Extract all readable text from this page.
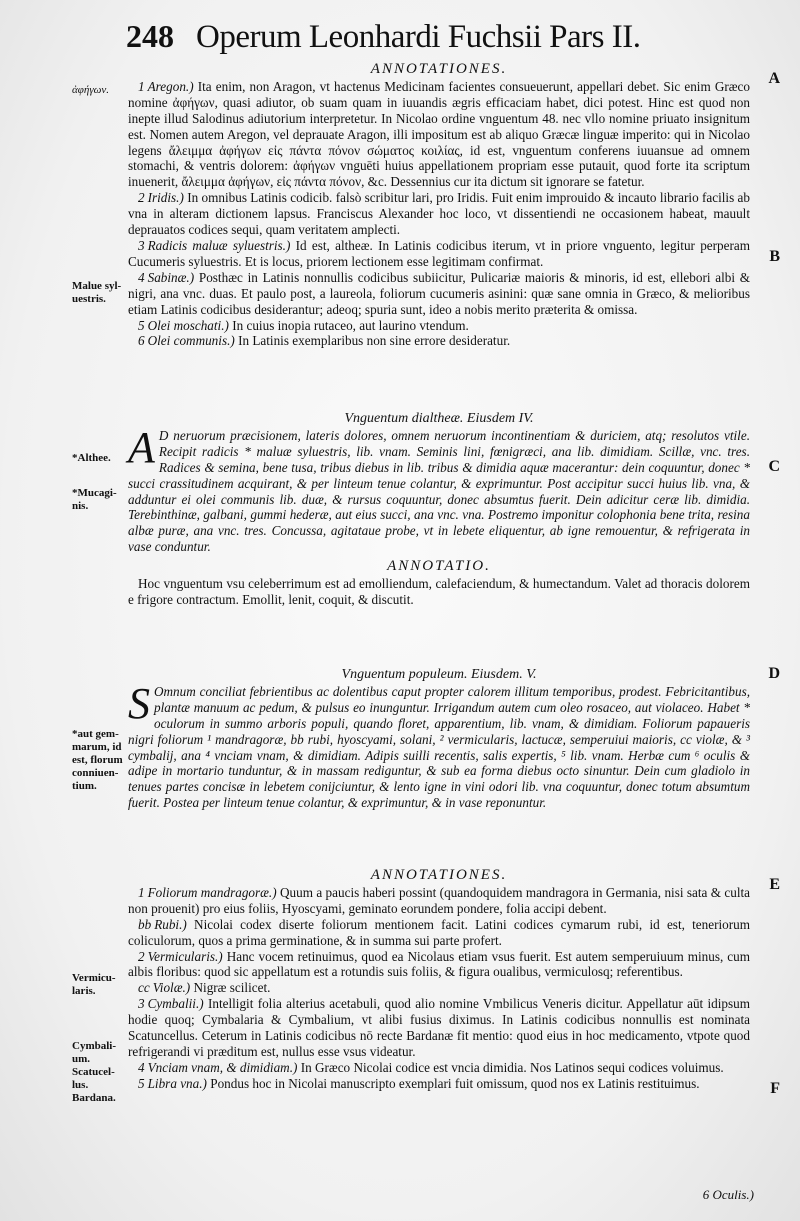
248 Operum Leonhardi Fuchsii Pars II.
A
B
C
D
E
F
ἀφήγων.
Malue syl-uestris.
*Althee.
*Mucagi-nis.
*aut gem-marum, id est, florum conniuen-tium.
Vermicu-laris.
Cymbali-um. Scatucel-lus. Bardana.
ANNOTATIONES.

1 Aregon.) Ita enim, non Aragon, vt hactenus Medicinam facientes consueuerunt, appellari debet. Sic enim Græco nomine ἀφήγων, quasi adiutor, ob suam quam in iuuandis ægris efficaciam habet, dici potest. Hinc est quod non inepte illud Salodinus adiutorium interpretetur. In Nicolao ordine vnguentum 48. nec vllo nomine priuato insignitum est. Nomen autem Aregon, vel deprauate Aragon, illi impositum est ab aliquo Græcæ linguæ imperito: qui in Nicolao legens ἄλειμμα ἀφήγων εἰς πάντα πόνον σώματος κοιλίας, id est, vnguentum conferens iuuansue ad omnem stomachi, & ventris dolorem: ἀφήγων vnguēti huius appellationem propriam esse putauit, quod forte ita scriptum inuenerit, ἄλειμμα ἀφήγων, εἰς πάντα πόνον, &c. Dessennius cur ita dictum sit ignorare se fatetur.

2 Iridis.) In omnibus Latinis codicib. falsò scribitur lari, pro Iridis. Fuit enim improuido & incauto librario facilis ab vna in alteram dictionem lapsus. Franciscus Alexander hoc loco, vt dissentiendi ne occasionem habeat, mauult deprauatos codices sequi, quam veritatem amplecti.

3 Radicis maluæ syluestris.) Id est, altheæ. In Latinis codicibus iterum, vt in priore vnguento, legitur perperam Cucumeris syluestris. Et is locus, priorem lectionem esse legitimam confirmat.

4 Sabinæ.) Posthæc in Latinis nonnullis codicibus subiicitur, Pulicariæ maioris & minoris, id est, ellebori albi & nigri, ana vnc. duas. Et paulo post, a laureola, foliorum cucumeris asinini: quæ sane omnia in Græco, & melioribus etiam Latinis codicibus desiderantur; adeoq; spuria sunt, ideo a nobis merito præterita & omissa.

5 Olei moschati.) In cuius inopia rutaceo, aut laurino vtendum.

6 Olei communis.) In Latinis exemplaribus non sine errore desideratur.

Vnguentum dialtheæ. Eiusdem IV.

A D neruorum præcisionem, lateris dolores, omnem neruorum incontinentiam & duriciem, atq; resolutos vtile. Recipit radicis * maluæ syluestris, lib. vnam. Seminis lini, fœnigræci, ana lib. dimidiam. Scillæ, vnc. tres. Radices & semina, bene tusa, tribus diebus in lib. tribus & dimidia aquæ macerantur: dein coquuntur, donec * succi crassitudinem acquirant, & per linteum tenue colantur, & exprimuntur. Post accipitur succi huius lib. vna, & adduntur ei olei communis lib. duæ, & rursus coquuntur, donec absumtus fuerit. Dein adicitur ceræ lib. dimidia. Terebinthinæ, galbani, gummi hederæ, aut eius succi, ana vnc. vna. Postremo imponitur colophonia bene trita, resina albæ puræ, ana vnc. tres. Concussa, agitataue probe, vt in lebete eliquentur, ab igne remouentur, & refrigerata in vase conduntur.

ANNOTATIO.

Hoc vnguentum vsu celeberrimum est ad emolliendum, calefaciendum, & humectandum. Valet ad thoracis dolorem e frigore contractum. Emollit, lenit, coquit, & discutit.

Vnguentum populeum. Eiusdem. V.

S Omnum conciliat febrientibus ac dolentibus caput propter calorem illitum temporibus, prodest. Febricitantibus, plantæ manuum ac pedum, & pulsus eo inunguntur. Irrigandum autem cum oleo rosaceo, aut violaceo. Habet * oculorum in summo arboris populi, quando floret, apparentium, lib. vnam, & dimidiam. Foliorum papaueris nigri foliorum ¹ mandragoræ, bb rubi, hyoscyami, solani, ² vermicularis, lactucæ, semperuiui maioris, cc violæ, & ³ cymbalij, ana ⁴ vnciam vnam, & dimidiam. Adipis suilli recentis, salis expertis, ⁵ lib. vnam. Herbæ cum ⁶ oculis & adipe in mortario tunduntur, & in massam rediguntur, & sub ea forma diebus octo sinuntur. Dein cum gladiolo in tenues partes concisæ in lebetem conijciuntur, & lento igne in vini odori lib. vna coquuntur, donec totum absumtum fuerit. Postea per linteum tenue colantur, & exprimuntur, & in vase reponuntur.

ANNOTATIONES.

1 Foliorum mandragoræ.) Quum a paucis haberi possint (quandoquidem mandragora in Germania, nisi sata & culta non prouenit) pro eius foliis, Hyoscyami, geminato eorundem pondere, folia accipi debent.

bb Rubi.) Nicolai codex diserte foliorum mentionem facit. Latini codices cymarum rubi, id est, teneriorum coliculorum, quos a prima germinatione, & in summa sui parte profert.

2 Vermicularis.) Hanc vocem retinuimus, quod ea Nicolaus etiam vsus fuerit. Est autem semperuiuum minus, cum albis floribus: quod sic appellatum est a rotundis suis foliis, & figura oualibus, vermiculosq; referentibus.

cc Violæ.) Nigræ scilicet.

3 Cymbalii.) Intelligit folia alterius acetabuli, quod alio nomine Vmbilicus Veneris dicitur. Appellatur aūt idipsum hodie quoq; Cymbalaria & Cymbalium, vt alibi fusius diximus. In Latinis codicibus nonnullis est nominata Scatuncellus. Ceterum in Latinis codicibus nō recte Bardanæ fit mentio: quod eius in hoc medicamento, vtpote quod refrigerandi vi præditum est, nullus esse vsus videatur.

4 Vnciam vnam, & dimidiam.) In Græco Nicolai codice est vncia dimidia. Nos Latinos sequi codices voluimus.

5 Libra vna.) Pondus hoc in Nicolai manuscripto exemplari fuit omissum, quod nos ex Latinis restituimus.

6 Oculis.)
